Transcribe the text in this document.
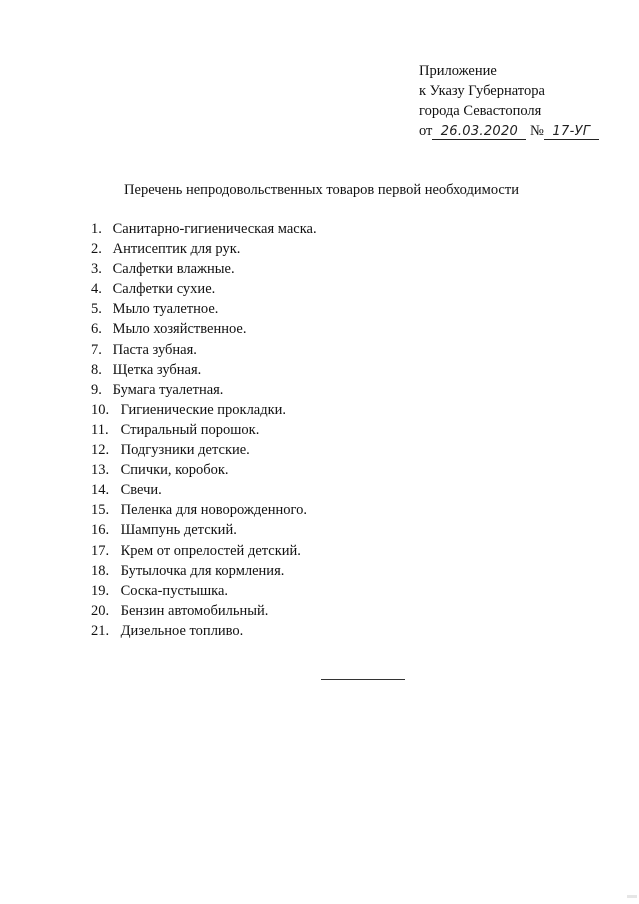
Приложение
к Указу Губернатора
города Севастополя
от 26.03.2020 № 17-УГ
Перечень непродовольственных товаров первой необходимости
1. Санитарно-гигиеническая маска.
2. Антисептик для рук.
3. Салфетки влажные.
4. Салфетки сухие.
5. Мыло туалетное.
6. Мыло хозяйственное.
7. Паста зубная.
8. Щетка зубная.
9. Бумага туалетная.
10. Гигиенические прокладки.
11. Стиральный порошок.
12. Подгузники детские.
13. Спички, коробок.
14. Свечи.
15. Пеленка для новорожденного.
16. Шампунь детский.
17. Крем от опрелостей детский.
18. Бутылочка для кормления.
19. Соска-пустышка.
20. Бензин автомобильный.
21. Дизельное топливо.
